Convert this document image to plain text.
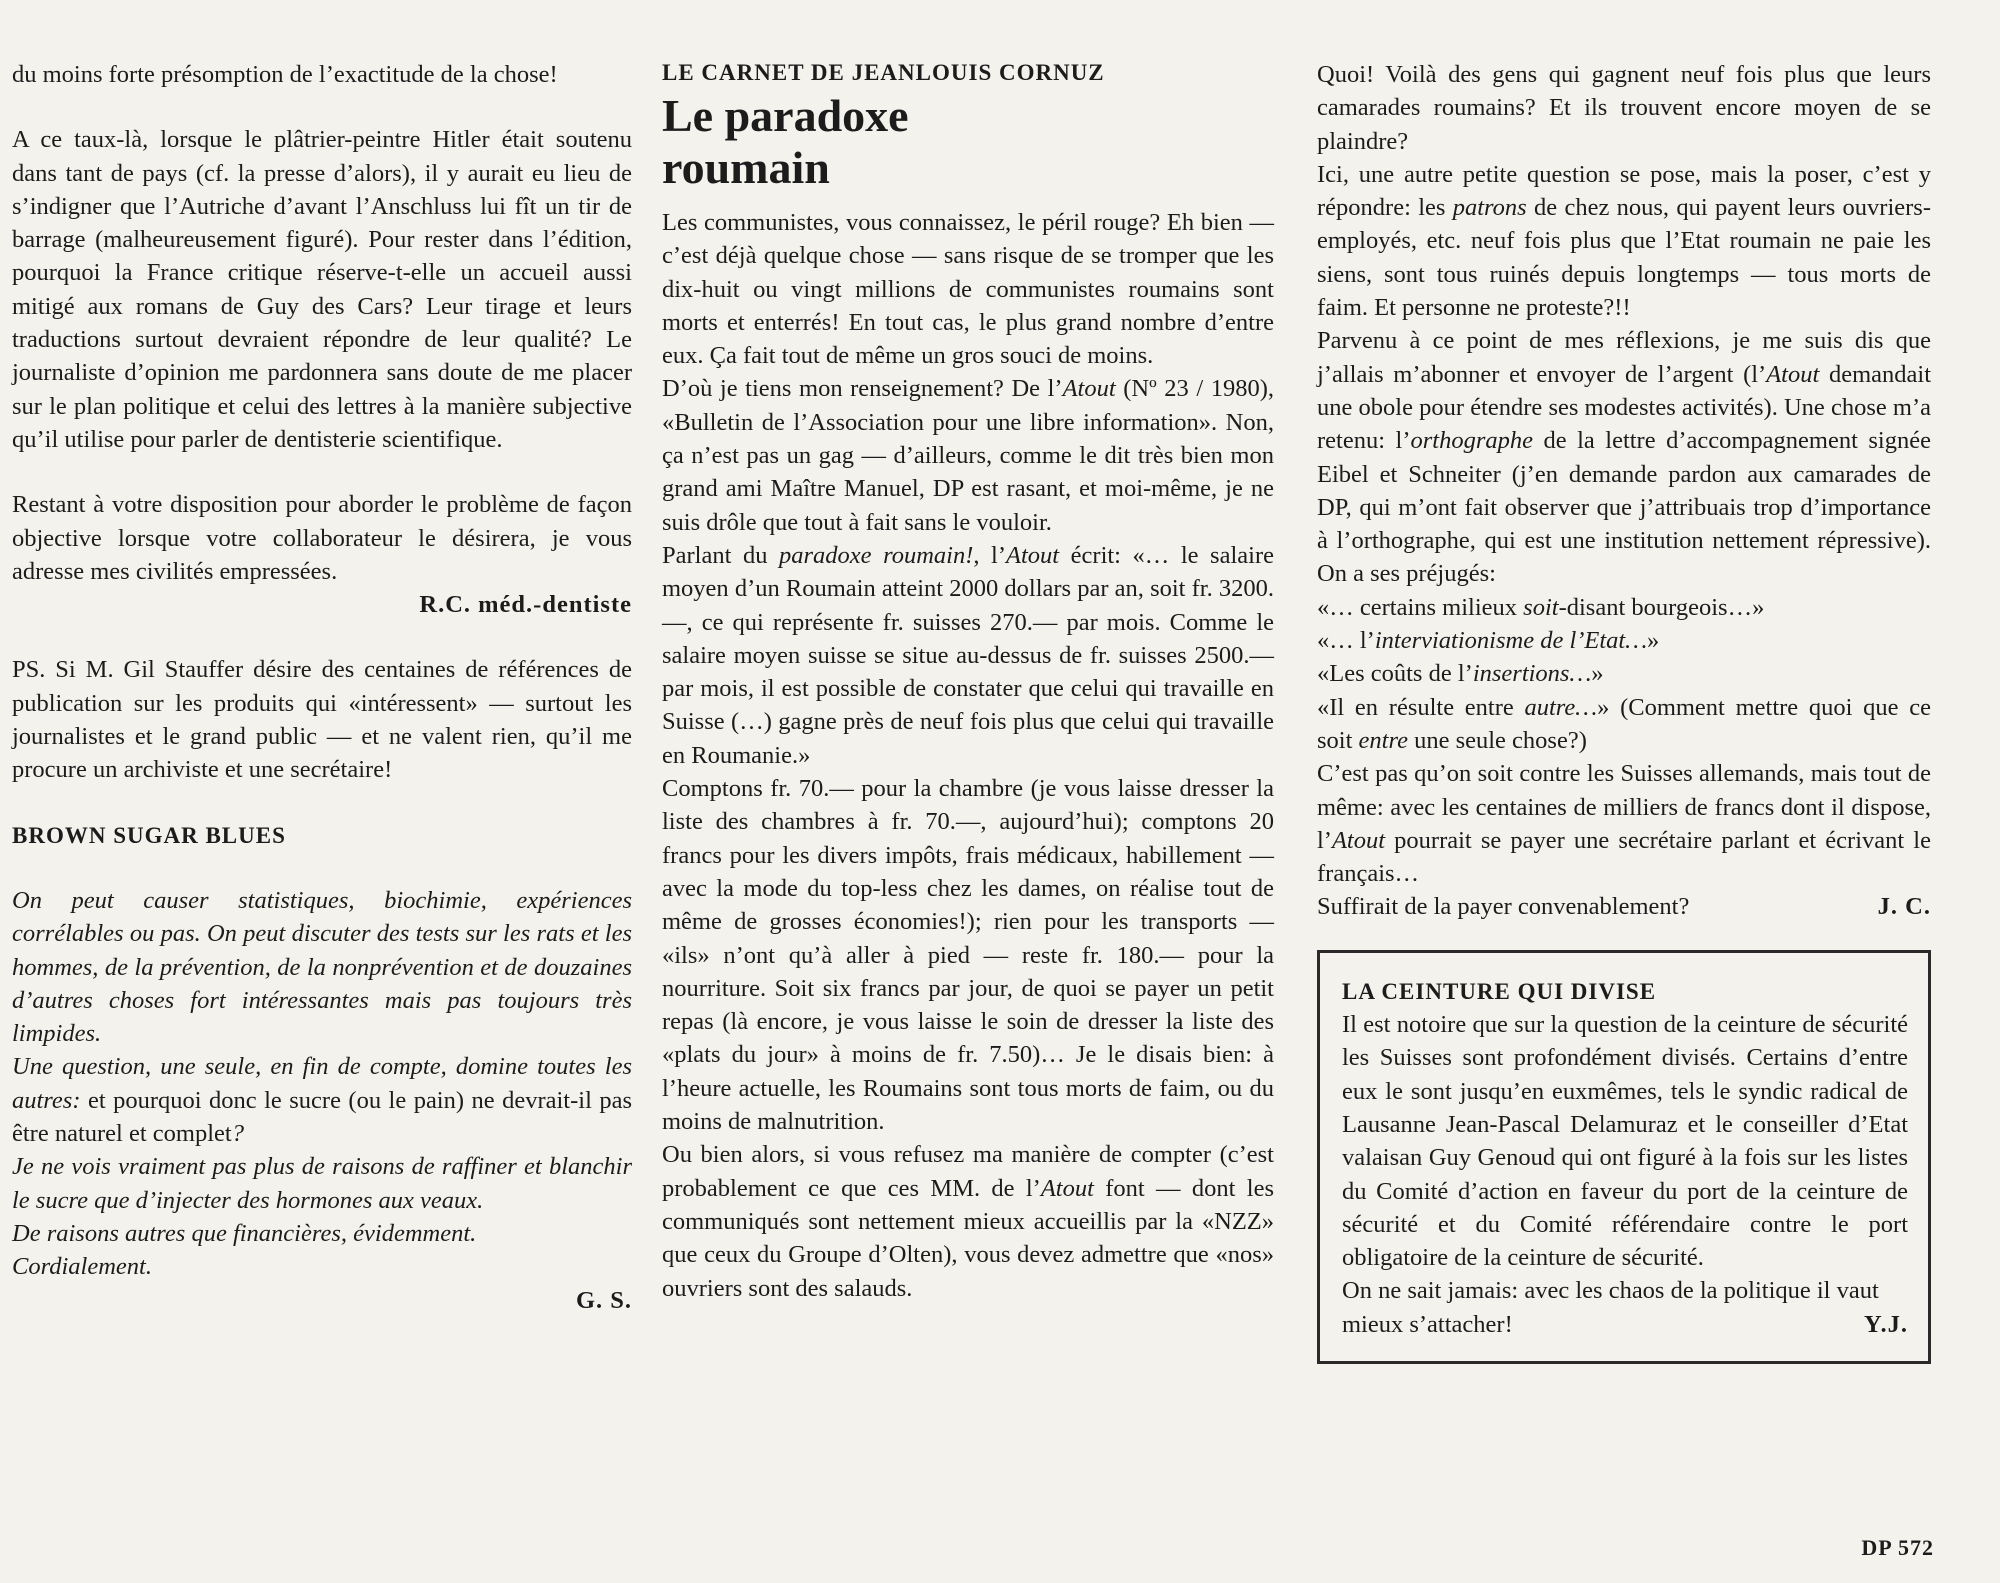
du moins forte présomption de l’exactitude de la chose!

A ce taux-là, lorsque le plâtrier-peintre Hitler était soutenu dans tant de pays (cf. la presse d’alors), il y aurait eu lieu de s’indigner que l’Autriche d’avant l’Anschluss lui fît un tir de barrage (malheureusement figuré). Pour rester dans l’édition, pourquoi la France critique réserve-t-elle un accueil aussi mitigé aux romans de Guy des Cars? Leur tirage et leurs traductions surtout devraient répondre de leur qualité? Le journaliste d’opinion me pardonnera sans doute de me placer sur le plan politique et celui des lettres à la manière subjective qu’il utilise pour parler de dentisterie scientifique.

Restant à votre disposition pour aborder le problème de façon objective lorsque votre collaborateur le désirera, je vous adresse mes civilités empressées.

R.C. méd.-dentiste

PS. Si M. Gil Stauffer désire des centaines de références de publication sur les produits qui «intéressent» — surtout les journalistes et le grand public — et ne valent rien, qu’il me procure un archiviste et une secrétaire!

BROWN SUGAR BLUES

On peut causer statistiques, biochimie, expériences corrélables ou pas. On peut discuter des tests sur les rats et les hommes, de la prévention, de la nonprévention et de douzaines d’autres choses fort intéressantes mais pas toujours très limpides.

Une question, une seule, en fin de compte, domine toutes les autres: et pourquoi donc le sucre (ou le pain) ne devrait-il pas être naturel et complet?

Je ne vois vraiment pas plus de raisons de raffiner et blanchir le sucre que d’injecter des hormones aux veaux.

De raisons autres que financières, évidemment.

Cordialement.

G. S.

LE CARNET DE JEANLOUIS CORNUZ
Le paradoxe
roumain

Les communistes, vous connaissez, le péril rouge? Eh bien — c’est déjà quelque chose — sans risque de se tromper que les dix-huit ou vingt millions de communistes roumains sont morts et enterrés! En tout cas, le plus grand nombre d’entre eux. Ça fait tout de même un gros souci de moins.

D’où je tiens mon renseignement? De l’Atout (Nº 23 / 1980), «Bulletin de l’Association pour une libre information». Non, ça n’est pas un gag — d’ailleurs, comme le dit très bien mon grand ami Maître Manuel, DP est rasant, et moi-même, je ne suis drôle que tout à fait sans le vouloir.

Parlant du paradoxe roumain!, l’Atout écrit: «… le salaire moyen d’un Roumain atteint 2000 dollars par an, soit fr. 3200.—, ce qui représente fr. suisses 270.— par mois. Comme le salaire moyen suisse se situe au-dessus de fr. suisses 2500.— par mois, il est possible de constater que celui qui travaille en Suisse (…) gagne près de neuf fois plus que celui qui travaille en Roumanie.»

Comptons fr. 70.— pour la chambre (je vous laisse dresser la liste des chambres à fr. 70.—, aujourd’hui); comptons 20 francs pour les divers impôts, frais médicaux, habillement — avec la mode du top-less chez les dames, on réalise tout de même de grosses économies!); rien pour les transports — «ils» n’ont qu’à aller à pied — reste fr. 180.— pour la nourriture. Soit six francs par jour, de quoi se payer un petit repas (là encore, je vous laisse le soin de dresser la liste des «plats du jour» à moins de fr. 7.50)… Je le disais bien: à l’heure actuelle, les Roumains sont tous morts de faim, ou du moins de malnutrition.

Ou bien alors, si vous refusez ma manière de compter (c’est probablement ce que ces MM. de l’Atout font — dont les communiqués sont nettement mieux accueillis par la «NZZ» que ceux du Groupe d’Olten), vous devez admettre que «nos» ouvriers sont des salauds.

Quoi! Voilà des gens qui gagnent neuf fois plus que leurs camarades roumains? Et ils trouvent encore moyen de se plaindre?

Ici, une autre petite question se pose, mais la poser, c’est y répondre: les patrons de chez nous, qui payent leurs ouvriers-employés, etc. neuf fois plus que l’Etat roumain ne paie les siens, sont tous ruinés depuis longtemps — tous morts de faim. Et personne ne proteste?!!

Parvenu à ce point de mes réflexions, je me suis dis que j’allais m’abonner et envoyer de l’argent (l’Atout demandait une obole pour étendre ses modestes activités). Une chose m’a retenu: l’orthographe de la lettre d’accompagnement signée Eibel et Schneiter (j’en demande pardon aux camarades de DP, qui m’ont fait observer que j’attribuais trop d’importance à l’orthographe, qui est une institution nettement répressive). On a ses préjugés:

«… certains milieux soit-disant bourgeois…»

«… l’interviationisme de l’Etat…»

«Les coûts de l’insertions…»

«Il en résulte entre autre…» (Comment mettre quoi que ce soit entre une seule chose?)

C’est pas qu’on soit contre les Suisses allemands, mais tout de même: avec les centaines de milliers de francs dont il dispose, l’Atout pourrait se payer une secrétaire parlant et écrivant le français…

Suffirait de la payer convenablement?	J. C.

LA CEINTURE QUI DIVISE

Il est notoire que sur la question de la ceinture de sécurité les Suisses sont profondément divisés. Certains d’entre eux le sont jusqu’en euxmêmes, tels le syndic radical de Lausanne Jean-Pascal Delamuraz et le conseiller d’Etat valaisan Guy Genoud qui ont figuré à la fois sur les listes du Comité d’action en faveur du port de la ceinture de sécurité et du Comité référendaire contre le port obligatoire de la ceinture de sécurité.

On ne sait jamais: avec les chaos de la politique il vaut mieux s’attacher!	Y.J.

DP 572
